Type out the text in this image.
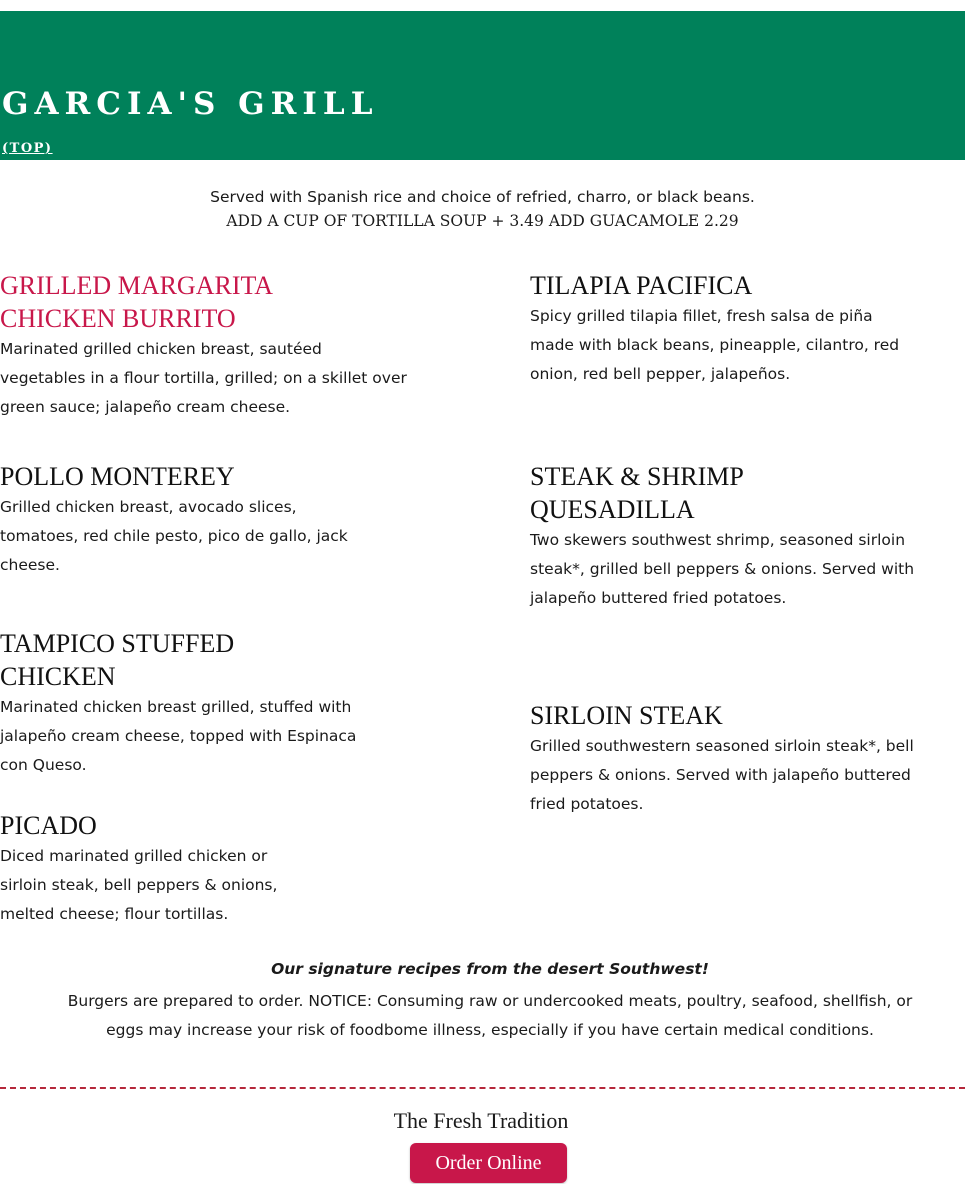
GARCIA'S GRILL
(TOP)

Served with Spanish rice and choice of refried, charro, or black beans.

ADD A CUP OF TORTILLA SOUP + 3.49 ADD GUACAMOLE 2.29

GRILLED MARGARITA CHICKEN BURRITO

Marinated grilled chicken breast, sautéed vegetables in a flour tortilla, grilled; on a skillet over green sauce; jalapeño cream cheese.

POLLO MONTEREY

Grilled chicken breast, avocado slices, tomatoes, red chile pesto, pico de gallo, jack cheese.

TAMPICO STUFFED CHICKEN

Marinated chicken breast grilled, stuffed with jalapeño cream cheese, topped with Espinaca con Queso.

PICADO

Diced marinated grilled chicken or sirloin steak, bell peppers & onions, melted cheese; flour tortillas.

TILAPIA PACIFICA

Spicy grilled tilapia fillet, fresh salsa de piña made with black beans, pineapple, cilantro, red onion, red bell pepper, jalapeños.

STEAK & SHRIMP QUESADILLA

Two skewers southwest shrimp, seasoned sirloin steak*, grilled bell peppers & onions. Served with jalapeño buttered fried potatoes.

SIRLOIN STEAK

Grilled southwestern seasoned sirloin steak*, bell peppers & onions. Served with jalapeño buttered fried potatoes.

Our signature recipes from the desert Southwest!

Burgers are prepared to order. NOTICE: Consuming raw or undercooked meats, poultry, seafood, shellfish, or eggs may increase your risk of foodbome illness, especially if you have certain medical conditions.

The Fresh Tradition

Order Online
